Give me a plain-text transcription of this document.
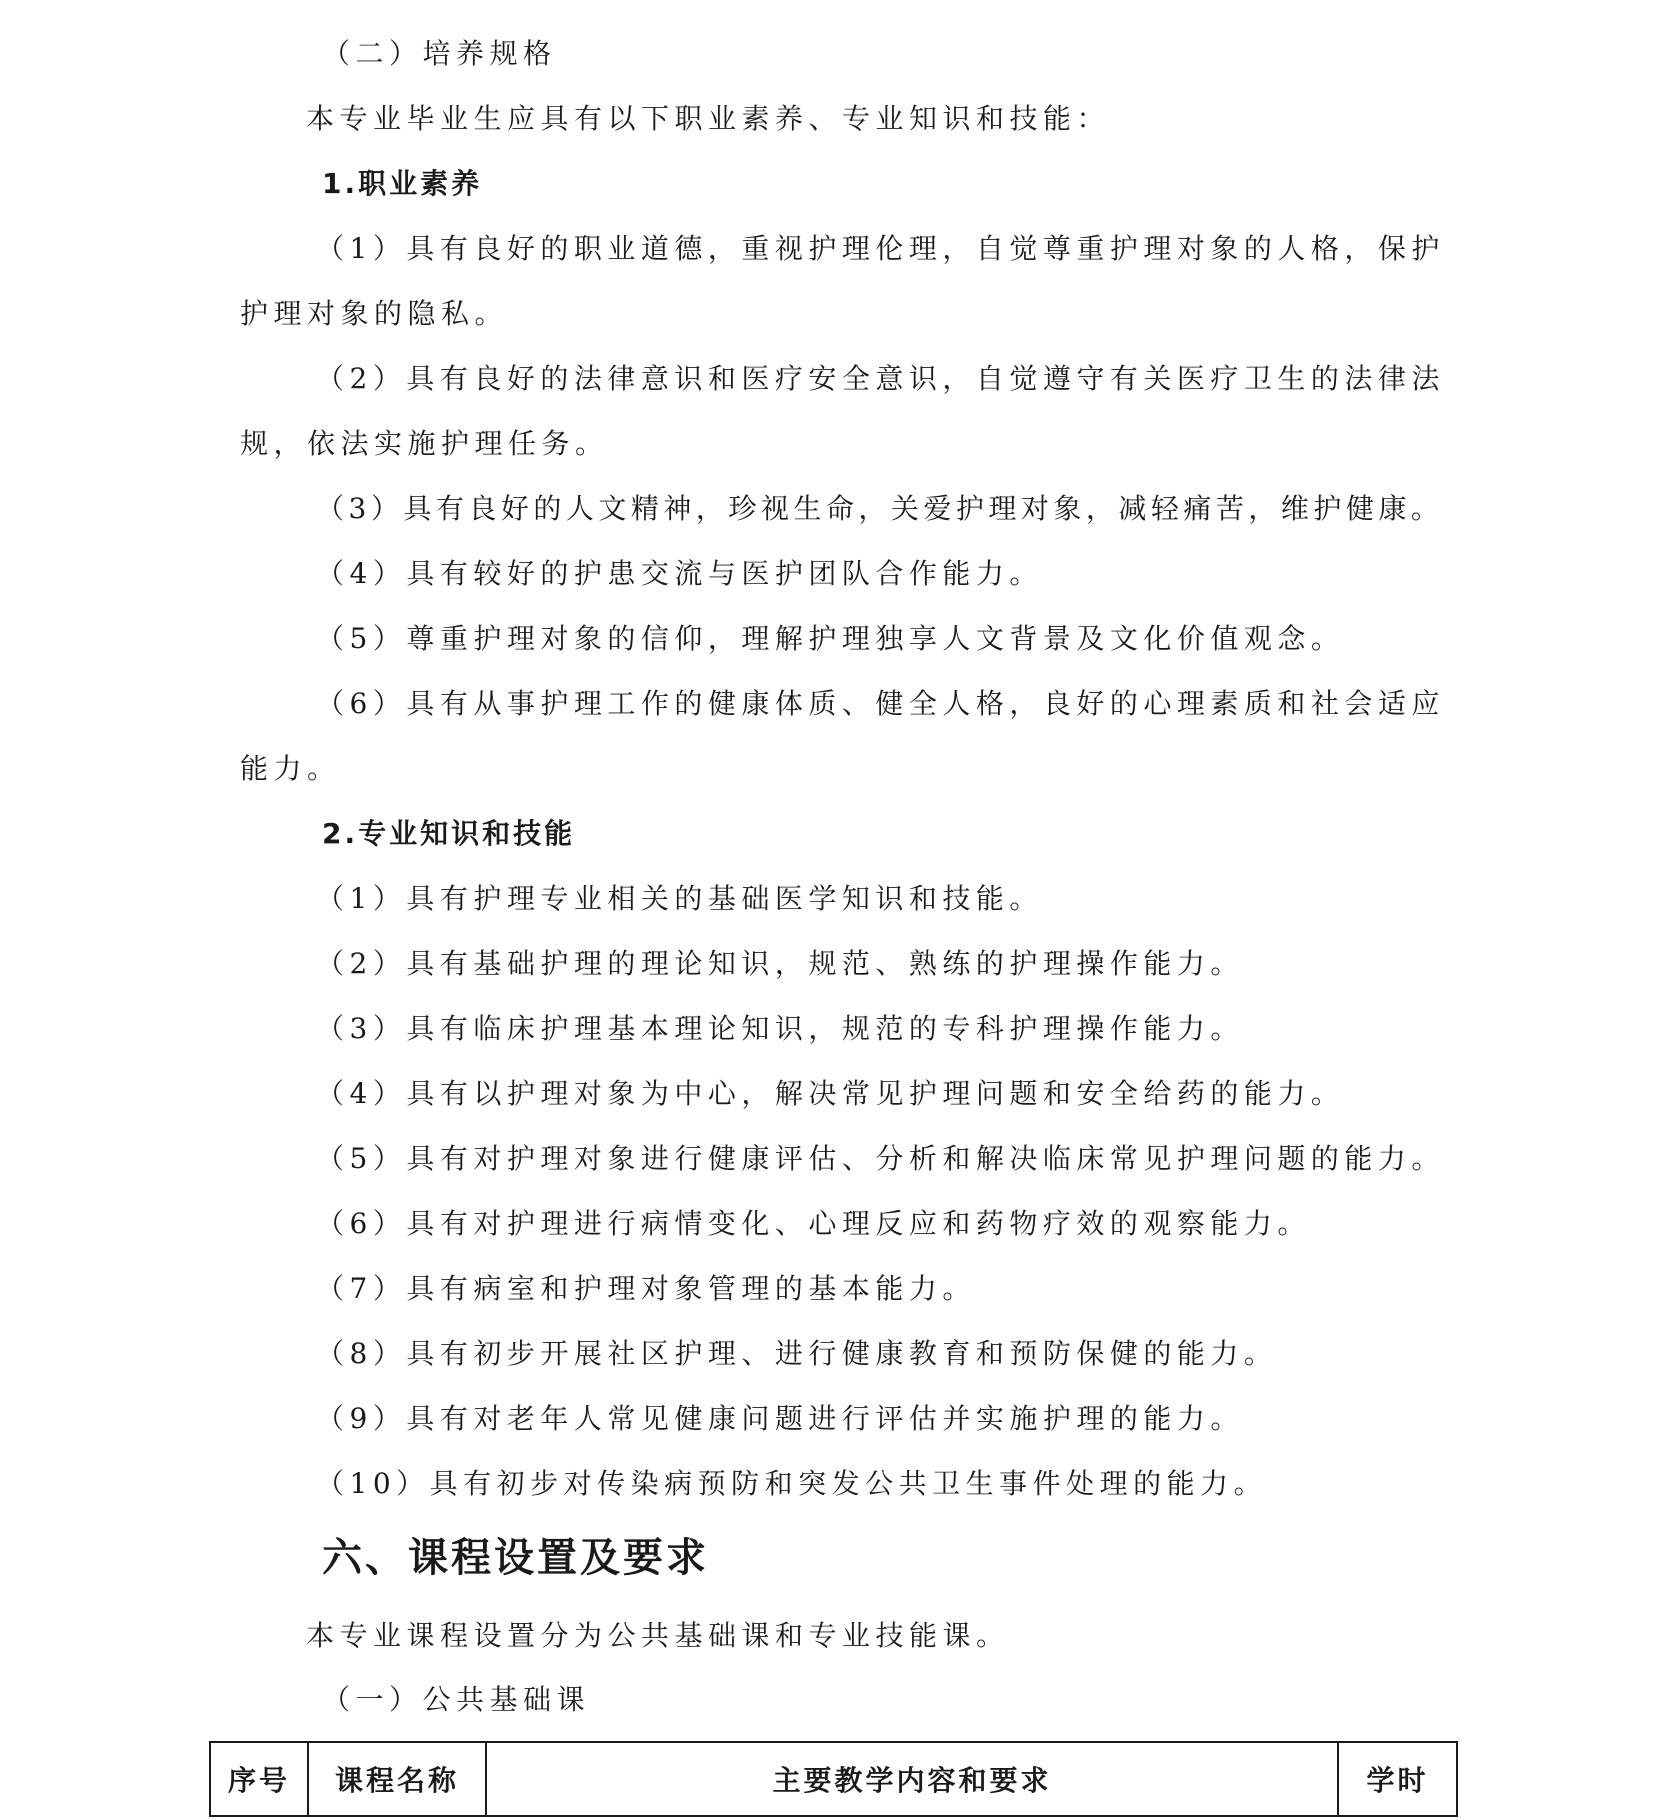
（二）培养规格
本专业毕业生应具有以下职业素养、专业知识和技能：
1.职业素养
（1）具有良好的职业道德，重视护理伦理，自觉尊重护理对象的人格，保护
护理对象的隐私。
（2）具有良好的法律意识和医疗安全意识，自觉遵守有关医疗卫生的法律法
规，依法实施护理任务。
（3）具有良好的人文精神，珍视生命，关爱护理对象，减轻痛苦，维护健康。
（4）具有较好的护患交流与医护团队合作能力。
（5）尊重护理对象的信仰，理解护理独享人文背景及文化价值观念。
（6）具有从事护理工作的健康体质、健全人格，良好的心理素质和社会适应
能力。
2.专业知识和技能
（1）具有护理专业相关的基础医学知识和技能。
（2）具有基础护理的理论知识，规范、熟练的护理操作能力。
（3）具有临床护理基本理论知识，规范的专科护理操作能力。
（4）具有以护理对象为中心，解决常见护理问题和安全给药的能力。
（5）具有对护理对象进行健康评估、分析和解决临床常见护理问题的能力。
（6）具有对护理进行病情变化、心理反应和药物疗效的观察能力。
（7）具有病室和护理对象管理的基本能力。
（8）具有初步开展社区护理、进行健康教育和预防保健的能力。
（9）具有对老年人常见健康问题进行评估并实施护理的能力。
（10）具有初步对传染病预防和突发公共卫生事件处理的能力。
六、课程设置及要求
本专业课程设置分为公共基础课和专业技能课。
（一）公共基础课
序号	课程名称	主要教学内容和要求	学时
